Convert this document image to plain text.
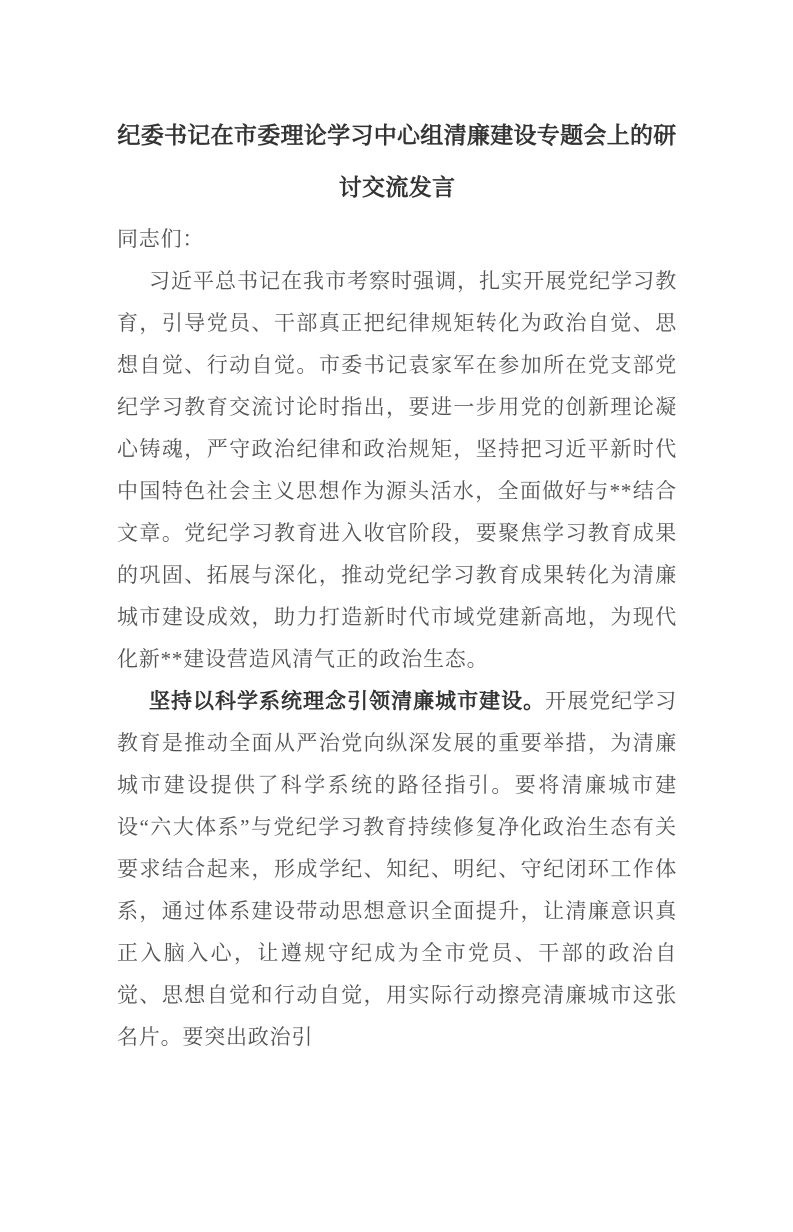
纪委书记在市委理论学习中心组清廉建设专题会上的研讨交流发言

同志们：

习近平总书记在我市考察时强调，扎实开展党纪学习教育，引导党员、干部真正把纪律规矩转化为政治自觉、思想自觉、行动自觉。市委书记袁家军在参加所在党支部党纪学习教育交流讨论时指出，要进一步用党的创新理论凝心铸魂，严守政治纪律和政治规矩，坚持把习近平新时代中国特色社会主义思想作为源头活水，全面做好与**结合文章。党纪学习教育进入收官阶段，要聚焦学习教育成果的巩固、拓展与深化，推动党纪学习教育成果转化为清廉城市建设成效，助力打造新时代市域党建新高地，为现代化新**建设营造风清气正的政治生态。

坚持以科学系统理念引领清廉城市建设。开展党纪学习教育是推动全面从严治党向纵深发展的重要举措，为清廉城市建设提供了科学系统的路径指引。要将清廉城市建设“六大体系”与党纪学习教育持续修复净化政治生态有关要求结合起来，形成学纪、知纪、明纪、守纪闭环工作体系，通过体系建设带动思想意识全面提升，让清廉意识真正入脑入心，让遵规守纪成为全市党员、干部的政治自觉、思想自觉和行动自觉，用实际行动擦亮清廉城市这张名片。要突出政治引
